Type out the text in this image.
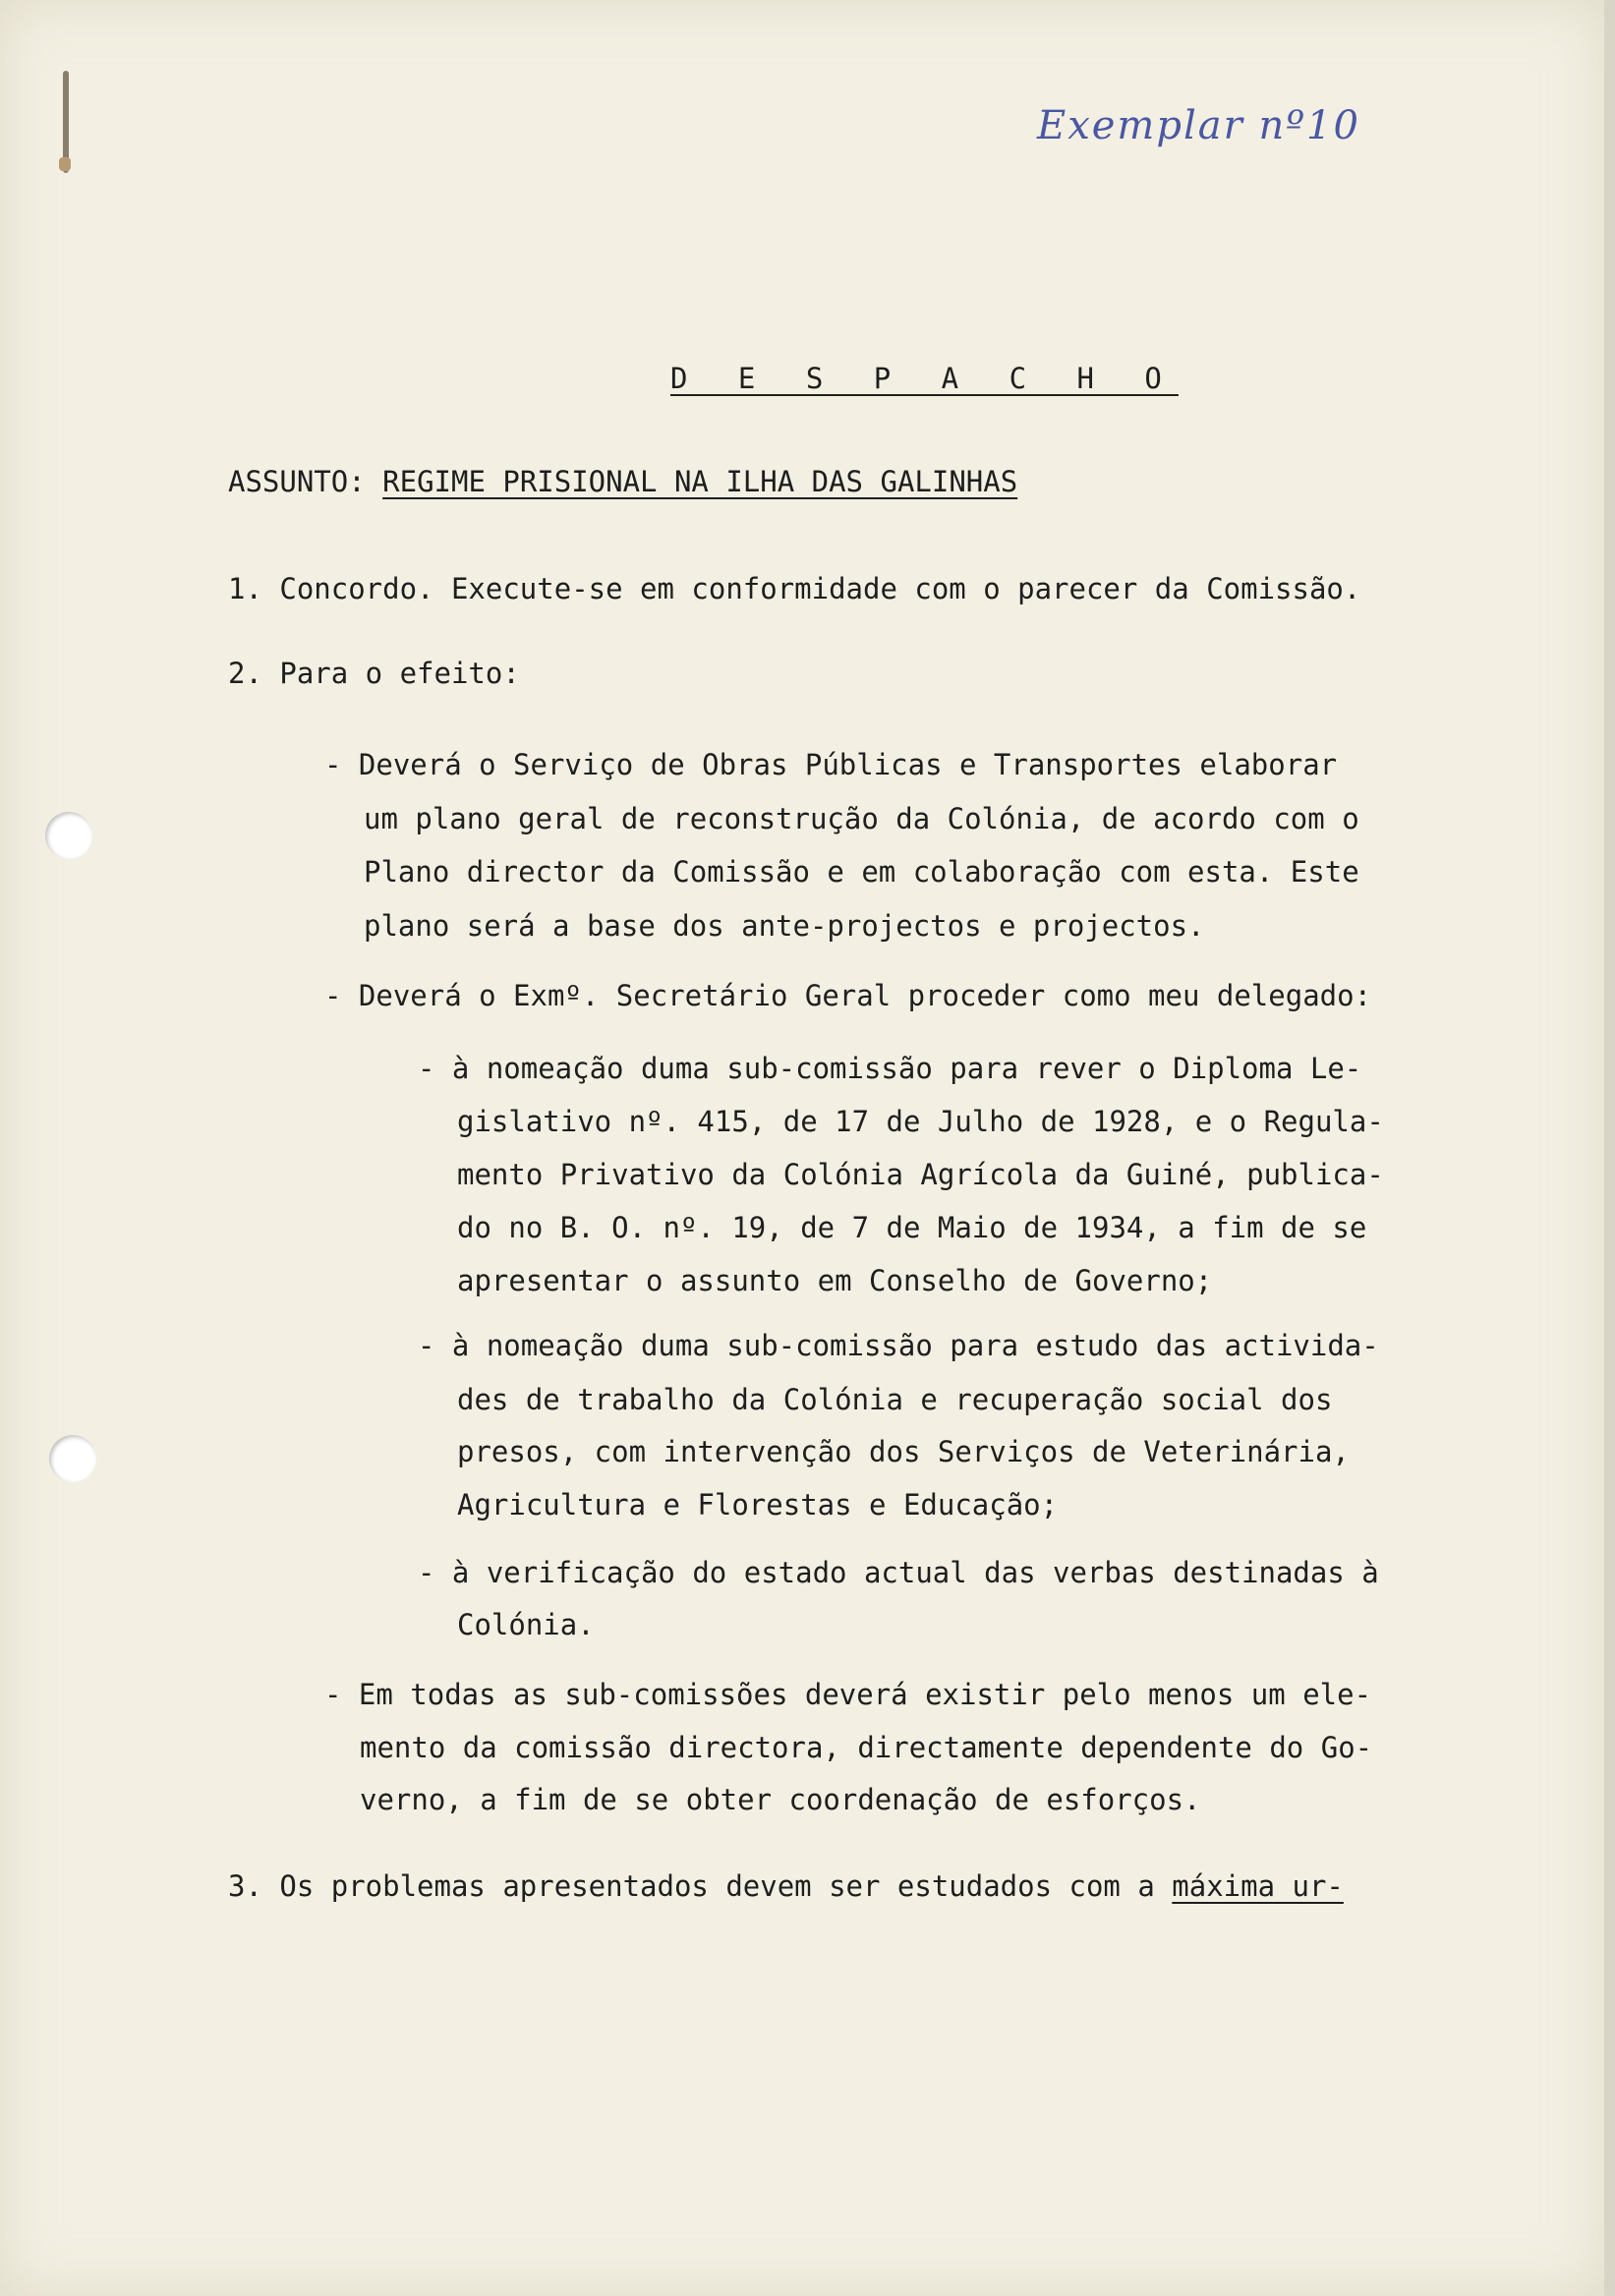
Exemplar nº10
D E S P A C H O
ASSUNTO: REGIME PRISIONAL NA ILHA DAS GALINHAS
1. Concordo. Execute-se em conformidade com o parecer da Comissão.
2. Para o efeito:
- Deverá o Serviço de Obras Públicas e Transportes elaborar
um plano geral de reconstrução da Colónia, de acordo com o
Plano director da Comissão e em colaboração com esta. Este
plano será a base dos ante-projectos e projectos.
- Deverá o Exmº. Secretário Geral proceder como meu delegado:
- à nomeação duma sub-comissão para rever o Diploma Le-
gislativo nº. 415, de 17 de Julho de 1928, e o Regula-
mento Privativo da Colónia Agrícola da Guiné, publica-
do no B. O. nº. 19, de 7 de Maio de 1934, a fim de se
apresentar o assunto em Conselho de Governo;
- à nomeação duma sub-comissão para estudo das activida-
des de trabalho da Colónia e recuperação social dos
presos, com intervenção dos Serviços de Veterinária,
Agricultura e Florestas e Educação;
- à verificação do estado actual das verbas destinadas à
Colónia.
- Em todas as sub-comissões deverá existir pelo menos um ele-
mento da comissão directora, directamente dependente do Go-
verno, a fim de se obter coordenação de esforços.
3. Os problemas apresentados devem ser estudados com a máxima ur-
